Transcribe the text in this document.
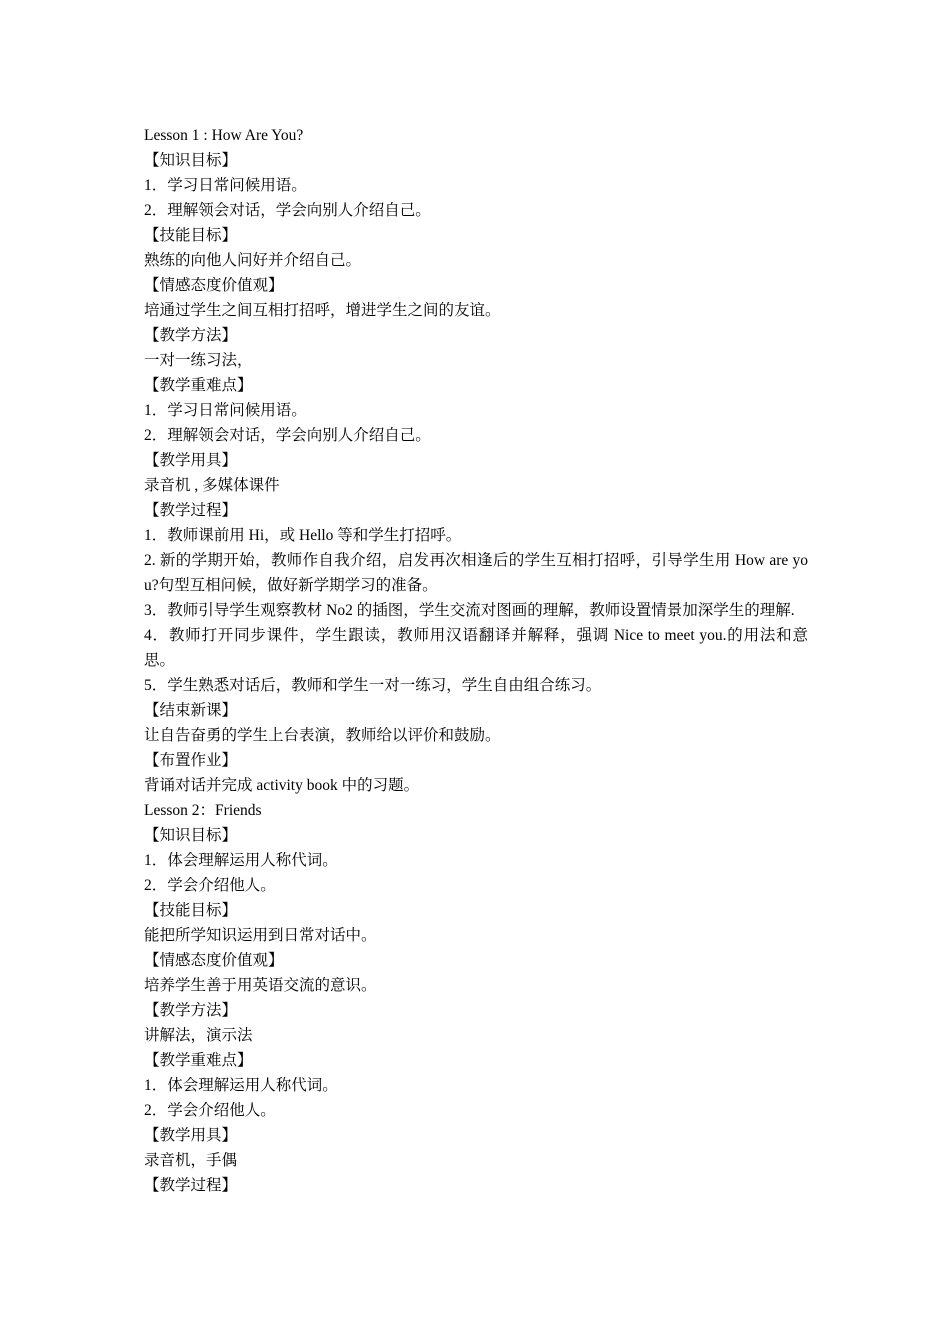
Lesson 1 : How Are You?
【知识目标】
1．学习日常问候用语。
2．理解领会对话，学会向别人介绍自己。
【技能目标】
熟练的向他人问好并介绍自己。
【情感态度价值观】
培通过学生之间互相打招呼，增进学生之间的友谊。
【教学方法】
一对一练习法，
【教学重难点】
1．学习日常问候用语。
2．理解领会对话，学会向别人介绍自己。
【教学用具】
录音机 , 多媒体课件
【教学过程】
1．教师课前用 Hi，或 Hello 等和学生打招呼。
2. 新的学期开始，教师作自我介绍，启发再次相逢后的学生互相打招呼，引导学生用 How are you?句型互相问候，做好新学期学习的准备。
3．教师引导学生观察教材 No2 的插图，学生交流对图画的理解，教师设置情景加深学生的理解.
4．教师打开同步课件，学生跟读，教师用汉语翻译并解释，强调 Nice to meet you.的用法和意思。
5．学生熟悉对话后，教师和学生一对一练习，学生自由组合练习。
【结束新课】
让自告奋勇的学生上台表演，教师给以评价和鼓励。
【布置作业】
背诵对话并完成 activity book 中的习题。
Lesson 2：Friends
【知识目标】
1．体会理解运用人称代词。
2．学会介绍他人。
【技能目标】
能把所学知识运用到日常对话中。
【情感态度价值观】
培养学生善于用英语交流的意识。
【教学方法】
讲解法，演示法
【教学重难点】
1．体会理解运用人称代词。
2．学会介绍他人。
【教学用具】
录音机，手偶
【教学过程】
